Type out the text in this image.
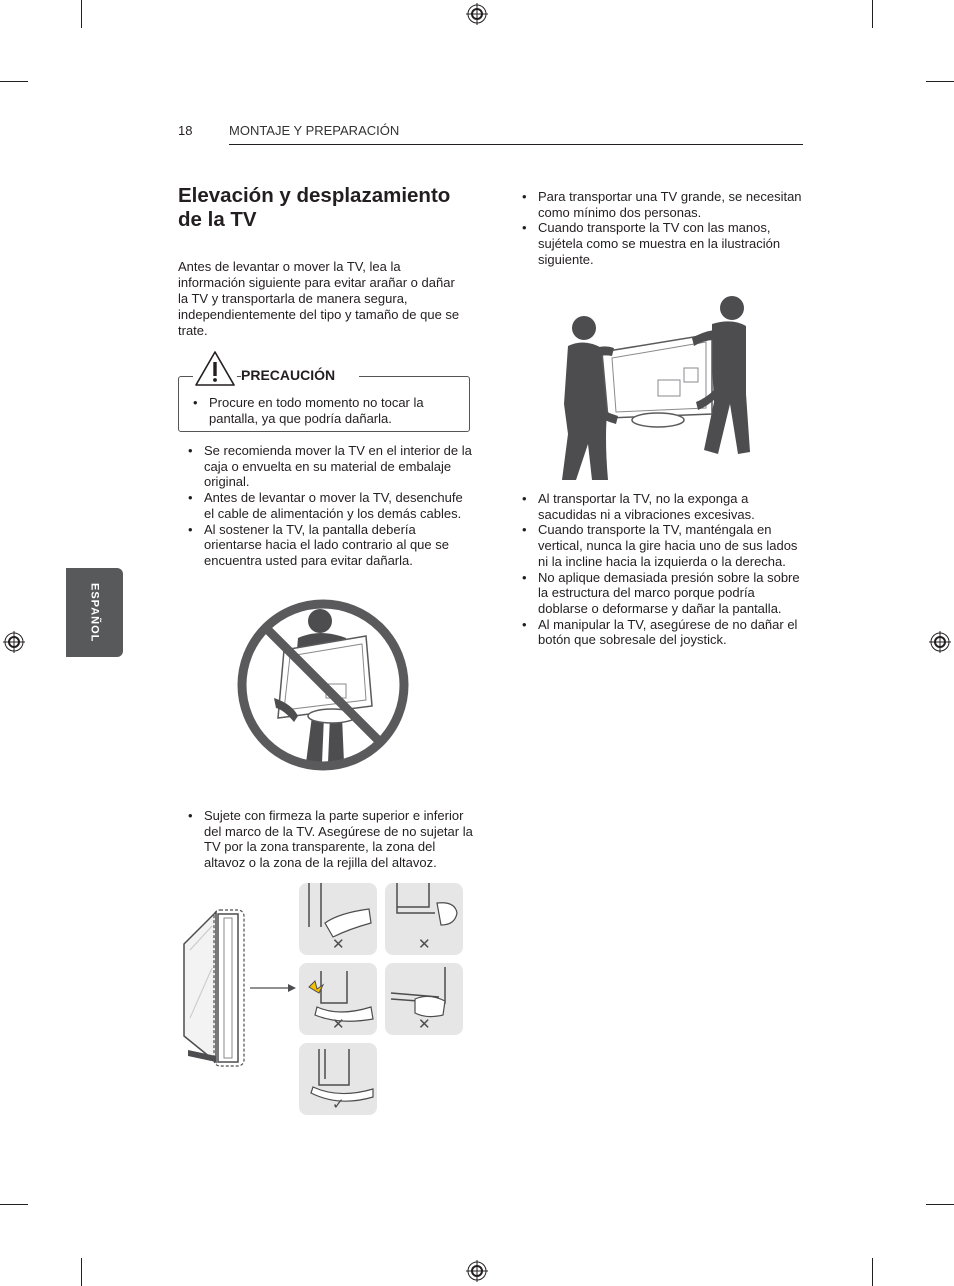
18	MONTAJE Y PREPARACIÓN
ESPAÑOL
Elevación y desplazamiento de la TV
Antes de levantar o mover la TV, lea la información siguiente para evitar arañar o dañar la TV y transportarla de manera segura, independientemente del tipo y tamaño de que se trate.
PRECAUCIÓN
• Procure en todo momento no tocar la pantalla, ya que podría dañarla.
• Se recomienda mover la TV en el interior de la caja o envuelta en su material de embalaje original.
• Antes de levantar o mover la TV, desenchufe el cable de alimentación y los demás cables.
• Al sostener la TV, la pantalla debería orientarse hacia el lado contrario al que se encuentra usted para evitar dañarla.
• Sujete con firmeza la parte superior e inferior del marco de la TV. Asegúrese de no sujetar la TV por la zona transparente, la zona del altavoz o la zona de la rejilla del altavoz.
✕	✕
✕	✕
✓
• Para transportar una TV grande, se necesitan como mínimo dos personas.
• Cuando transporte la TV con las manos, sujétela como se muestra en la ilustración siguiente.
• Al transportar la TV, no la exponga a sacudidas ni a vibraciones excesivas.
• Cuando transporte la TV, manténgala en vertical, nunca la gire hacia uno de sus lados ni la incline hacia la izquierda o la derecha.
• No aplique demasiada presión sobre la sobre la estructura del marco porque podría doblarse o deformarse y dañar la pantalla.
• Al manipular la TV, asegúrese de no dañar el botón que sobresale del joystick.
